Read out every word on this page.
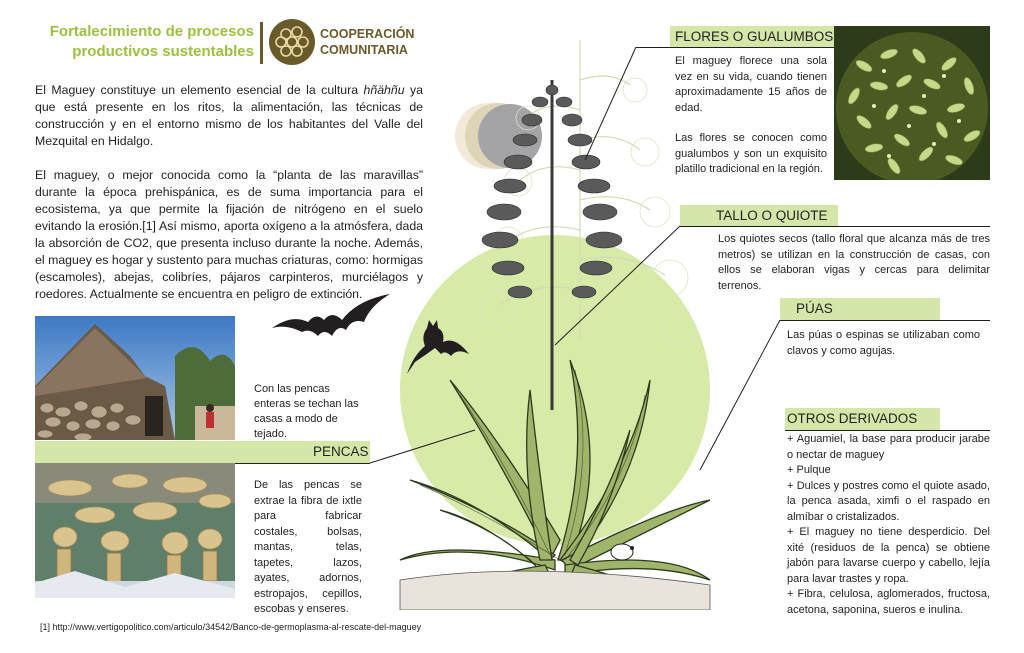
Fortalecimiento de procesos
productivos sustentables
COOPERACIÓN
COMUNITARIA

El Maguey constituye un elemento esencial de la cultura hñähñu ya que está presente en los ritos, la alimentación, las técnicas de construcción y en el entorno mismo de los habitantes del Valle del Mezquital en Hidalgo.

El maguey, o mejor conocida como la “planta de las maravillas” durante la época prehispánica, es de suma importancia para el ecosistema, ya que permite la fijación de nitrógeno en el suelo evitando la erosión.[1] Así mismo, aporta oxígeno a la atmósfera, dada la absorción de CO2, que presenta incluso durante la noche. Además, el maguey es hogar y sustento para muchas criaturas, como: hormigas (escamoles), abejas, colibríes, pájaros carpinteros, murciélagos y roedores. Actualmente se encuentra en peligro de extinción.

Con las pencas enteras se techan las casas a modo de tejado.
PENCAS
De las pencas se extrae la fibra de ixtle para fabricar costales, bolsas, mantas, telas, tapetes, lazos, ayates, adornos, estropajos, cepillos, escobas y enseres.
FLORES O GUALUMBOS

El maguey florece una sola vez en su vida, cuando tienen aproximadamente 15 años de edad.

Las flores se conocen como gualumbos y son un exquisito platillo tradicional en la región.

TALLO O QUIOTE
Los quiotes secos (tallo floral que alcanza más de tres metros) se utilizan en la construcción de casas, con ellos se elaboran vigas y cercas para delimitar terrenos.
PÚAS
Las púas o espinas se utilizaban como clavos y como agujas.
OTROS DERIVADOS
+ Aguamiel, la base para producir jarabe o nectar de maguey
+ Pulque
+ Dulces y postres como el quiote asado, la penca asada, ximfi o el raspado en almíbar o cristalizados.
+ El maguey no tiene desperdicio. Del xité (residuos de la penca) se obtiene jabón para lavarse cuerpo y cabello, lejía para lavar trastes y ropa.
+ Fibra, celulosa, aglomerados, fructosa, acetona, saponina, sueros e inulina.
[1] http://www.vertigopolitico.com/articulo/34542/Banco-de-germoplasma-al-rescate-del-maguey
